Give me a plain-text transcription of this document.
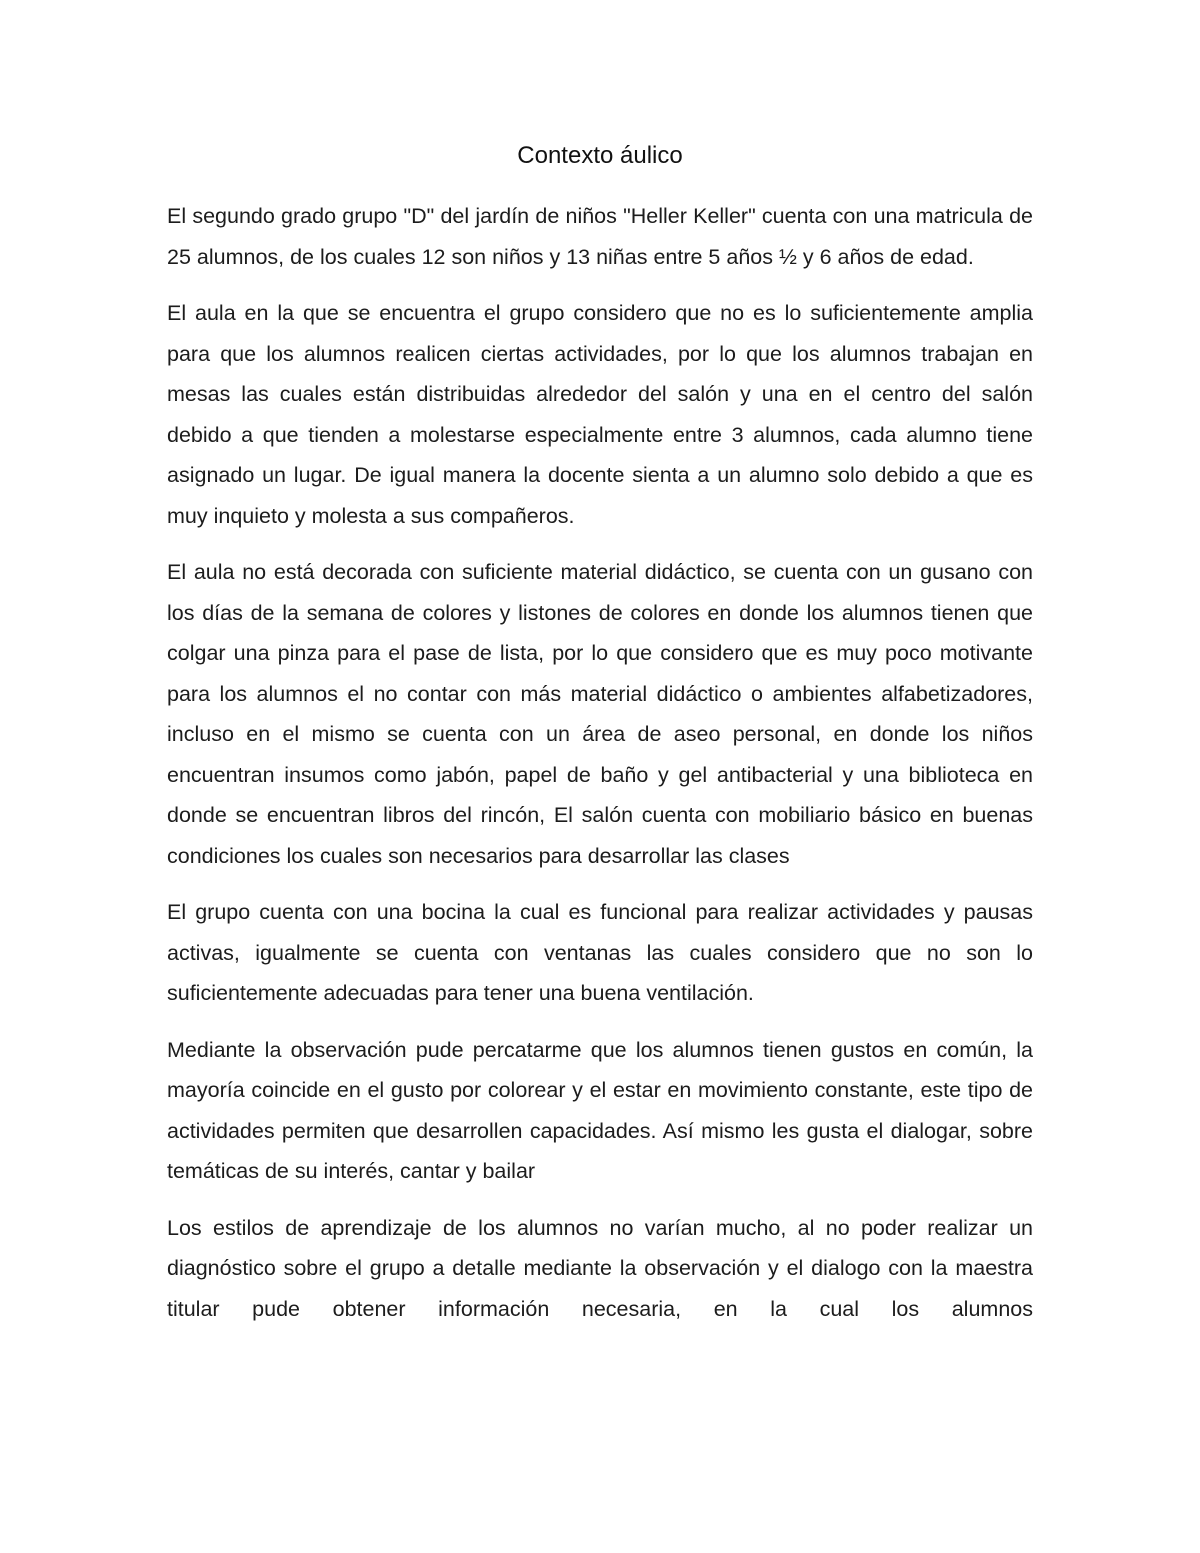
Contexto áulico

El segundo grado grupo "D" del jardín de niños "Heller Keller" cuenta con una matricula de 25 alumnos, de los cuales 12 son niños y 13 niñas entre 5 años ½ y 6 años de edad.

El aula en la que se encuentra el grupo considero que no es lo suficientemente amplia para que los alumnos realicen ciertas actividades, por lo que los alumnos trabajan en mesas las cuales están distribuidas alrededor del salón y una en el centro del salón debido a que tienden a molestarse especialmente entre 3 alumnos, cada alumno tiene asignado un lugar. De igual manera la docente sienta a un alumno solo debido a que es muy inquieto y molesta a sus compañeros.

El aula no está decorada con suficiente material didáctico, se cuenta con un gusano con los días de la semana de colores y listones de colores en donde los alumnos tienen que colgar una pinza para el pase de lista, por lo que considero que es muy poco motivante para los alumnos el no contar con más material didáctico o ambientes alfabetizadores, incluso en el mismo se cuenta con un área de aseo personal, en donde los niños encuentran insumos como jabón, papel de baño y gel antibacterial y una biblioteca en donde se encuentran libros del rincón, El salón cuenta con mobiliario básico en buenas condiciones los cuales son necesarios para desarrollar las clases

El grupo cuenta con una bocina la cual es funcional para realizar actividades y pausas activas, igualmente se cuenta con ventanas las cuales considero que no son lo suficientemente adecuadas para tener una buena ventilación.

Mediante la observación pude percatarme que los alumnos tienen gustos en común, la mayoría coincide en el gusto por colorear y el estar en movimiento constante, este tipo de actividades permiten que desarrollen capacidades. Así mismo les gusta el dialogar, sobre temáticas de su interés, cantar y bailar

Los estilos de aprendizaje de los alumnos no varían mucho, al no poder realizar un diagnóstico sobre el grupo a detalle mediante la observación y el dialogo con la maestra titular pude obtener información necesaria, en la cual los alumnos
